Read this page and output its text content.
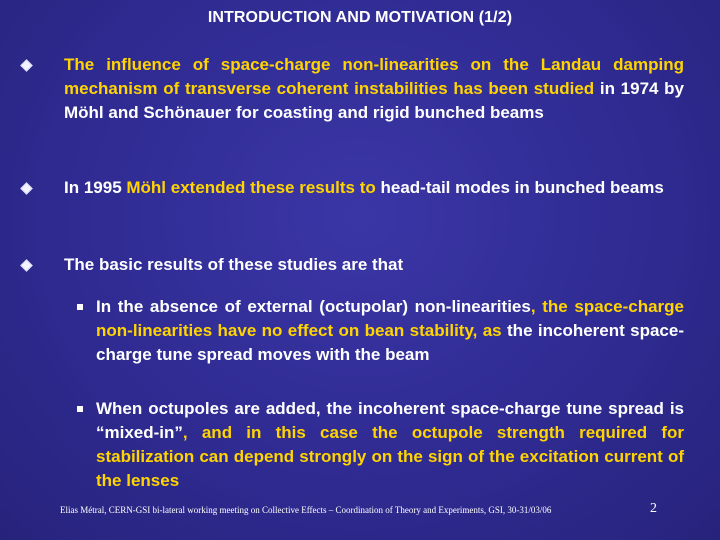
INTRODUCTION AND MOTIVATION (1/2)
The influence of space-charge non-linearities on the Landau damping mechanism of transverse coherent instabilities has been studied in 1974 by Möhl and Schönauer for coasting and rigid bunched beams
In 1995 Möhl extended these results to head-tail modes in bunched beams
The basic results of these studies are that
In the absence of external (octupolar) non-linearities, the space-charge non-linearities have no effect on bean stability, as the incoherent space-charge tune spread moves with the beam
When octupoles are added, the incoherent space-charge tune spread is “mixed-in”, and in this case the octupole strength required for stabilization can depend strongly on the sign of the excitation current of the lenses
Elias Métral, CERN-GSI bi-lateral working meeting on Collective Effects – Coordination of Theory and Experiments, GSI, 30-31/03/06	2
